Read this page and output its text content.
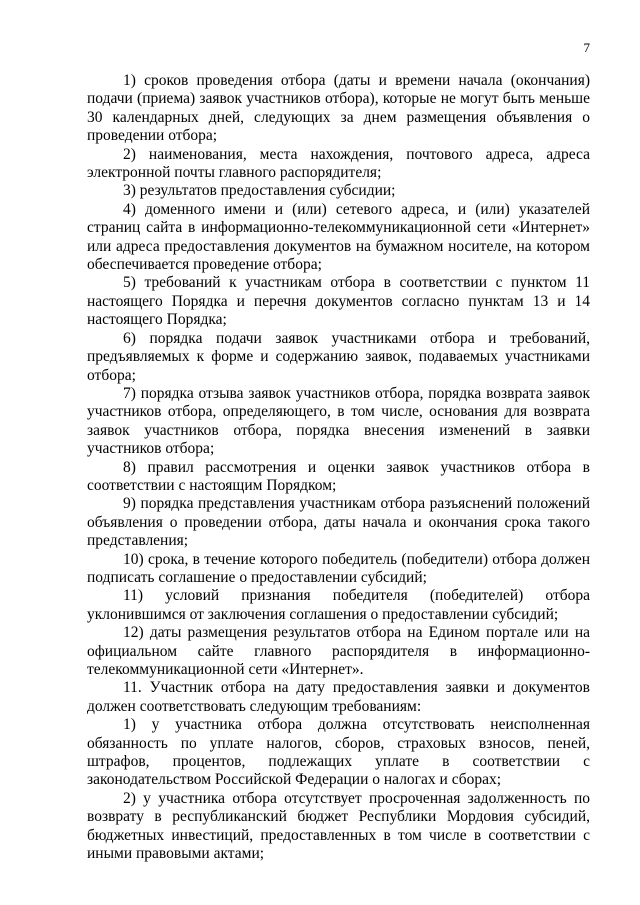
7

1) сроков проведения отбора (даты и времени начала (окончания) подачи (приема) заявок участников отбора), которые не могут быть меньше 30 календарных дней, следующих за днем размещения объявления о проведении отбора;

2) наименования, места нахождения, почтового адреса, адреса электронной почты главного распорядителя;

3) результатов предоставления субсидии;

4) доменного имени и (или) сетевого адреса, и (или) указателей страниц сайта в информационно-телекоммуникационной сети «Интернет» или адреса предоставления документов на бумажном носителе, на котором обеспечивается проведение отбора;

5) требований к участникам отбора в соответствии с пунктом 11 настоящего Порядка и перечня документов согласно пунктам 13 и 14 настоящего Порядка;

6) порядка подачи заявок участниками отбора и требований, предъявляемых к форме и содержанию заявок, подаваемых участниками отбора;

7) порядка отзыва заявок участников отбора, порядка возврата заявок участников отбора, определяющего, в том числе, основания для возврата заявок участников отбора, порядка внесения изменений в заявки участников отбора;

8) правил рассмотрения и оценки заявок участников отбора в соответствии с настоящим Порядком;

9) порядка представления участникам отбора разъяснений положений объявления о проведении отбора, даты начала и окончания срока такого представления;

10) срока, в течение которого победитель (победители) отбора должен подписать соглашение о предоставлении субсидий;

11) условий признания победителя (победителей) отбора уклонившимся от заключения соглашения о предоставлении субсидий;

12) даты размещения результатов отбора на Едином портале или на официальном сайте главного распорядителя в информационно-телекоммуникационной сети «Интернет».

11. Участник отбора на дату предоставления заявки и документов должен соответствовать следующим требованиям:

1) у участника отбора должна отсутствовать неисполненная обязанность по уплате налогов, сборов, страховых взносов, пеней, штрафов, процентов, подлежащих уплате в соответствии с законодательством Российской Федерации о налогах и сборах;

2) у участника отбора отсутствует просроченная задолженность по возврату в республиканский бюджет Республики Мордовия субсидий, бюджетных инвестиций, предоставленных в том числе в соответствии с иными правовыми актами;
